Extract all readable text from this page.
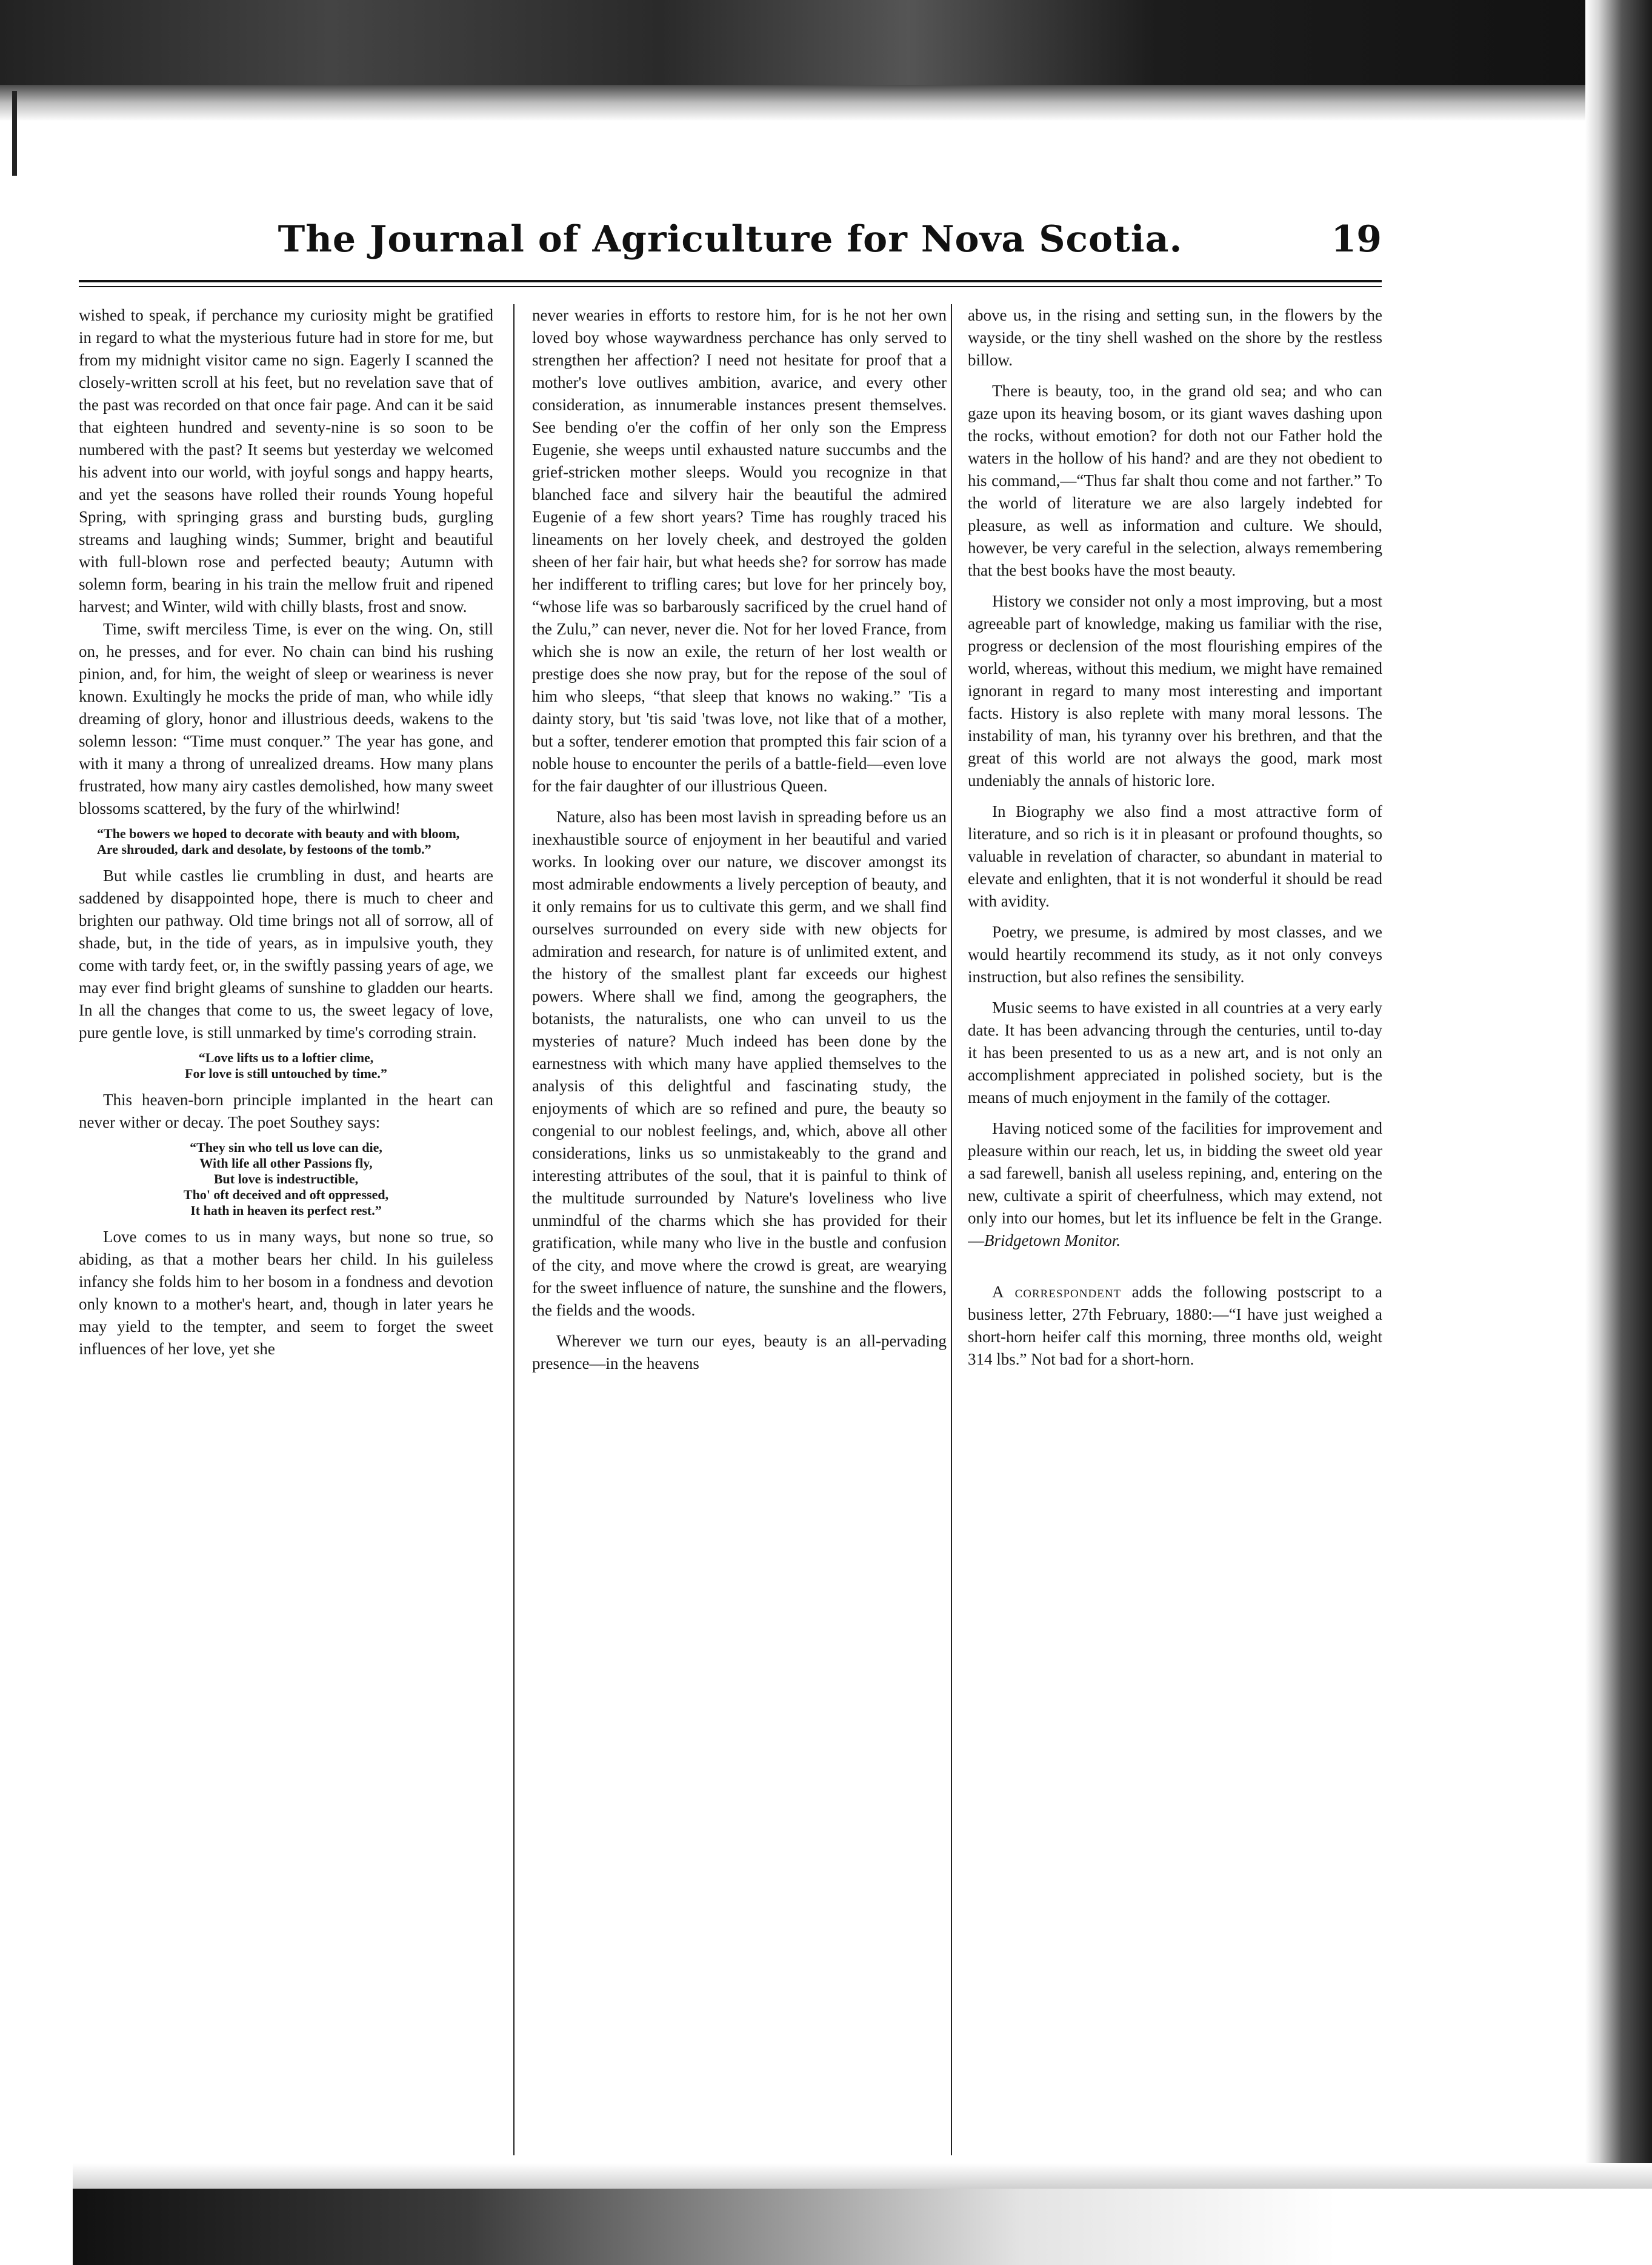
The Journal of Agriculture for Nova Scotia.	19

wished to speak, if perchance my curiosity might be gratified in regard to what the mysterious future had in store for me, but from my midnight visitor came no sign. Eagerly I scanned the closely-written scroll at his feet, but no revelation save that of the past was recorded on that once fair page. And can it be said that eighteen hundred and seventy-nine is so soon to be numbered with the past? It seems but yesterday we welcomed his advent into our world, with joyful songs and happy hearts, and yet the seasons have rolled their rounds Young hopeful Spring, with springing grass and bursting buds, gurgling streams and laughing winds; Summer, bright and beautiful with full-blown rose and perfected beauty; Autumn with solemn form, bearing in his train the mellow fruit and ripened harvest; and Winter, wild with chilly blasts, frost and snow.

Time, swift merciless Time, is ever on the wing. On, still on, he presses, and for ever. No chain can bind his rushing pinion, and, for him, the weight of sleep or weariness is never known. Exultingly he mocks the pride of man, who while idly dreaming of glory, honor and illustrious deeds, wakens to the solemn lesson: “Time must conquer.” The year has gone, and with it many a throng of unrealized dreams. How many plans frustrated, how many airy castles demolished, how many sweet blossoms scattered, by the fury of the whirlwind!

“The bowers we hoped to decorate with beauty and with bloom,
Are shrouded, dark and desolate, by festoons of the tomb.”

But while castles lie crumbling in dust, and hearts are saddened by disappointed hope, there is much to cheer and brighten our pathway. Old time brings not all of sorrow, all of shade, but, in the tide of years, as in impulsive youth, they come with tardy feet, or, in the swiftly passing years of age, we may ever find bright gleams of sunshine to gladden our hearts. In all the changes that come to us, the sweet legacy of love, pure gentle love, is still unmarked by time's corroding strain.

“Love lifts us to a loftier clime,
For love is still untouched by time.”

This heaven-born principle implanted in the heart can never wither or decay. The poet Southey says:

“They sin who tell us love can die,
With life all other Passions fly,
But love is indestructible,
Tho' oft deceived and oft oppressed,
It hath in heaven its perfect rest.”

Love comes to us in many ways, but none so true, so abiding, as that a mother bears her child. In his guileless infancy she folds him to her bosom in a fondness and devotion only known to a mother's heart, and, though in later years he may yield to the tempter, and seem to forget the sweet influences of her love, yet she

never wearies in efforts to restore him, for is he not her own loved boy whose waywardness perchance has only served to strengthen her affection? I need not hesitate for proof that a mother's love outlives ambition, avarice, and every other consideration, as innumerable instances present themselves. See bending o'er the coffin of her only son the Empress Eugenie, she weeps until exhausted nature succumbs and the grief-stricken mother sleeps. Would you recognize in that blanched face and silvery hair the beautiful the admired Eugenie of a few short years? Time has roughly traced his lineaments on her lovely cheek, and destroyed the golden sheen of her fair hair, but what heeds she? for sorrow has made her indifferent to trifling cares; but love for her princely boy, “whose life was so barbarously sacrificed by the cruel hand of the Zulu,” can never, never die. Not for her loved France, from which she is now an exile, the return of her lost wealth or prestige does she now pray, but for the repose of the soul of him who sleeps, “that sleep that knows no waking.” 'Tis a dainty story, but 'tis said 'twas love, not like that of a mother, but a softer, tenderer emotion that prompted this fair scion of a noble house to encounter the perils of a battle-field—even love for the fair daughter of our illustrious Queen.

Nature, also has been most lavish in spreading before us an inexhaustible source of enjoyment in her beautiful and varied works. In looking over our nature, we discover amongst its most admirable endowments a lively perception of beauty, and it only remains for us to cultivate this germ, and we shall find ourselves surrounded on every side with new objects for admiration and research, for nature is of unlimited extent, and the history of the smallest plant far exceeds our highest powers. Where shall we find, among the geographers, the botanists, the naturalists, one who can unveil to us the mysteries of nature? Much indeed has been done by the earnestness with which many have applied themselves to the analysis of this delightful and fascinating study, the enjoyments of which are so refined and pure, the beauty so congenial to our noblest feelings, and, which, above all other considerations, links us so unmistakeably to the grand and interesting attributes of the soul, that it is painful to think of the multitude surrounded by Nature's loveliness who live unmindful of the charms which she has provided for their gratification, while many who live in the bustle and confusion of the city, and move where the crowd is great, are wearying for the sweet influence of nature, the sunshine and the flowers, the fields and the woods.

Wherever we turn our eyes, beauty is an all-pervading presence—in the heavens

above us, in the rising and setting sun, in the flowers by the wayside, or the tiny shell washed on the shore by the restless billow.

There is beauty, too, in the grand old sea; and who can gaze upon its heaving bosom, or its giant waves dashing upon the rocks, without emotion? for doth not our Father hold the waters in the hollow of his hand? and are they not obedient to his command,—“Thus far shalt thou come and not farther.” To the world of literature we are also largely indebted for pleasure, as well as information and culture. We should, however, be very careful in the selection, always remembering that the best books have the most beauty.

History we consider not only a most improving, but a most agreeable part of knowledge, making us familiar with the rise, progress or declension of the most flourishing empires of the world, whereas, without this medium, we might have remained ignorant in regard to many most interesting and important facts. History is also replete with many moral lessons. The instability of man, his tyranny over his brethren, and that the great of this world are not always the good, mark most undeniably the annals of historic lore.

In Biography we also find a most attractive form of literature, and so rich is it in pleasant or profound thoughts, so valuable in revelation of character, so abundant in material to elevate and enlighten, that it is not wonderful it should be read with avidity.

Poetry, we presume, is admired by most classes, and we would heartily recommend its study, as it not only conveys instruction, but also refines the sensibility.

Music seems to have existed in all countries at a very early date. It has been advancing through the centuries, until to-day it has been presented to us as a new art, and is not only an accomplishment appreciated in polished society, but is the means of much enjoyment in the family of the cottager.

Having noticed some of the facilities for improvement and pleasure within our reach, let us, in bidding the sweet old year a sad farewell, banish all useless repining, and, entering on the new, cultivate a spirit of cheerfulness, which may extend, not only into our homes, but let its influence be felt in the Grange.—Bridgetown Monitor.

A correspondent adds the following postscript to a business letter, 27th February, 1880:—“I have just weighed a short-horn heifer calf this morning, three months old, weight 314 lbs.” Not bad for a short-horn.
